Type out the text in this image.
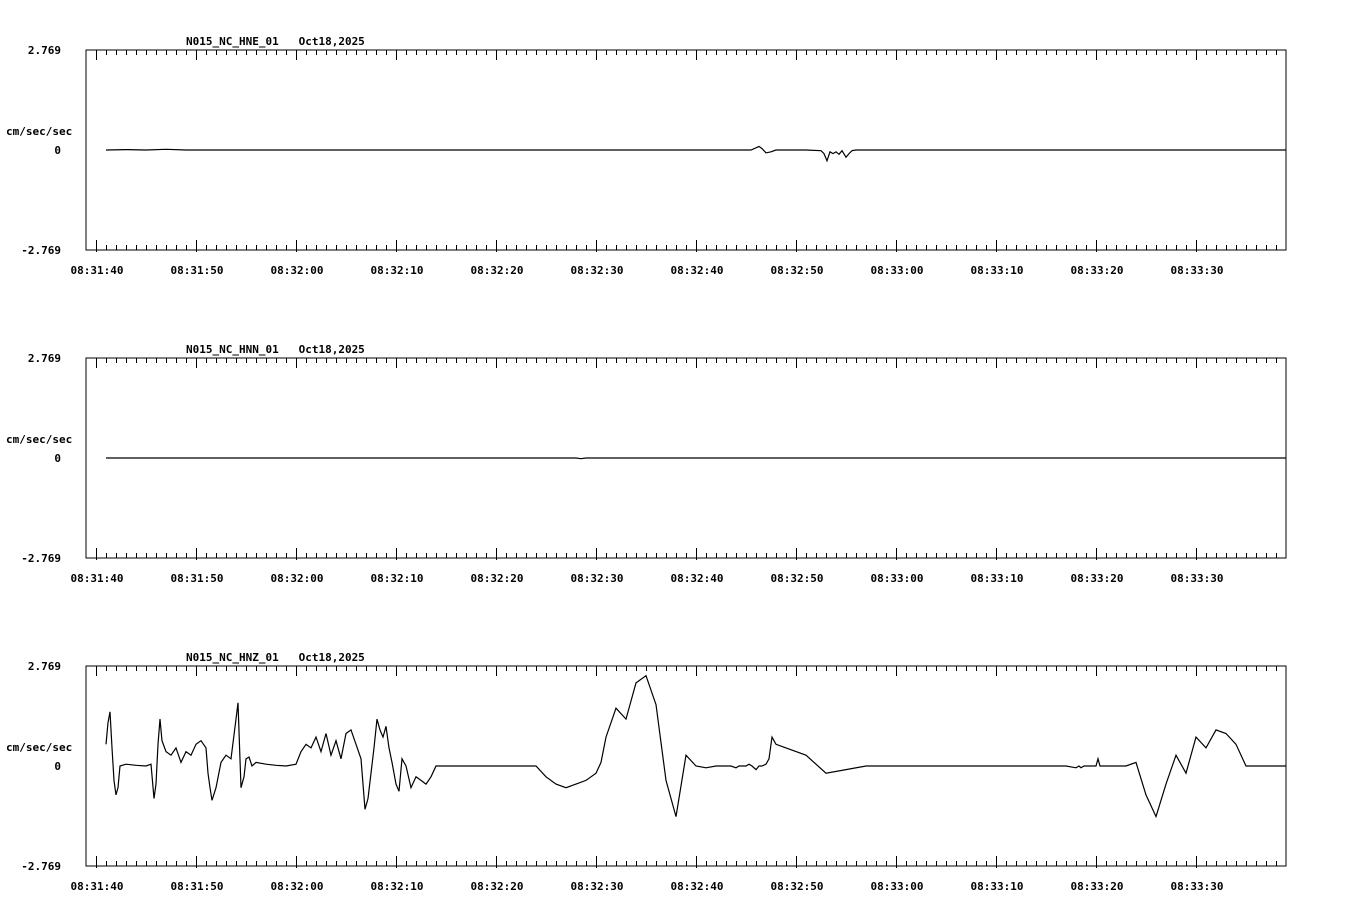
2.769
0
-2.769
cm/sec/sec
N015_NC_HNE_01   Oct18,2025
08:31:40	08:31:50	08:32:00	08:32:10	08:32:20	08:32:30	08:32:40	08:32:50	08:33:00	08:33:10	08:33:20	08:33:30
2.769
0
-2.769
cm/sec/sec
N015_NC_HNN_01   Oct18,2025
08:31:40	08:31:50	08:32:00	08:32:10	08:32:20	08:32:30	08:32:40	08:32:50	08:33:00	08:33:10	08:33:20	08:33:30
2.769
0
-2.769
cm/sec/sec
N015_NC_HNZ_01   Oct18,2025
08:31:40	08:31:50	08:32:00	08:32:10	08:32:20	08:32:30	08:32:40	08:32:50	08:33:00	08:33:10	08:33:20	08:33:30
